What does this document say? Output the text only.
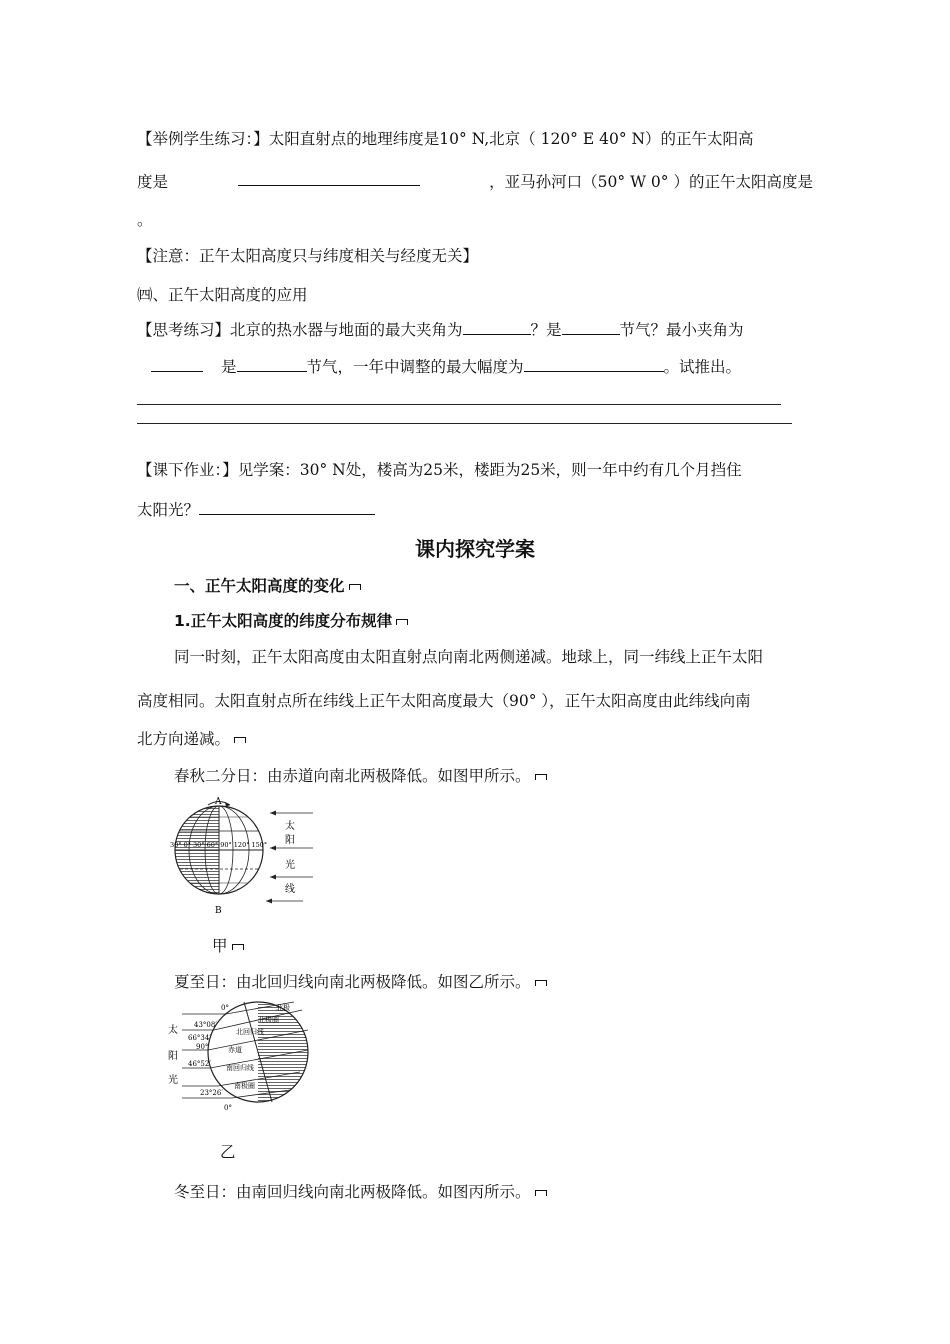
【举例学生练习：】太阳直射点的地理纬度是10° N,北京（ 120° E 40° N）的正午太阳高
度是	，亚马孙河口（50° W 0° ）的正午太阳高度是
。
【注意：正午太阳高度只与纬度相关与经度无关】
㈣、正午太阳高度的应用
【思考练习】北京的热水器与地面的最大夹角为	？是	节气？最小夹角为
是	节气，一年中调整的最大幅度为	。试推出。
【课下作业：】见学案：30° N处，楼高为25米，楼距为25米，则一年中约有几个月挡住
太阳光？
课内探究学案
一、正午太阳高度的变化
1.正午太阳高度的纬度分布规律
同一时刻，正午太阳高度由太阳直射点向南北两侧递减。地球上，同一纬线上正午太阳
高度相同。太阳直射点所在纬线上正午太阳高度最大（90° ），正午太阳高度由此纬线向南
北方向递减。
春秋二分日：由赤道向南北两极降低。如图甲所示。
A
B
30° 0° 30° 60° 90° 120° 150°
太
阳
光
线
甲
夏至日：由北回归线向南北两极降低。如图乙所示。
太
阳
光
0°
43°08′
66°34′
90°
46°52′
23°26′
0°
北极
北极圈
北回归线
赤道
南回归线
南极圈
乙
冬至日：由南回归线向南北两极降低。如图丙所示。
